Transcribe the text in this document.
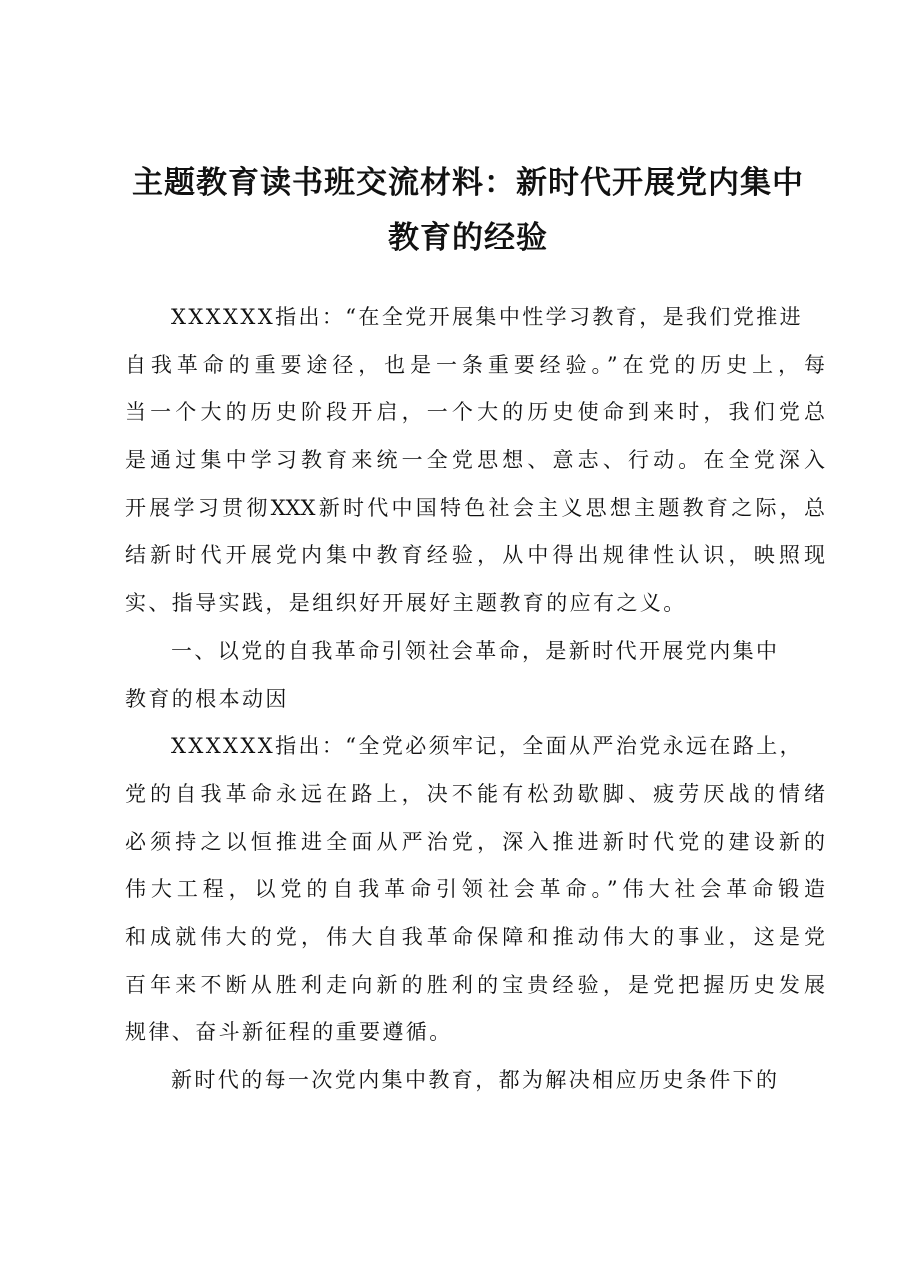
主题教育读书班交流材料：新时代开展党内集中
教育的经验
XXXXXX指出：“在全党开展集中性学习教育，是我们党推进
自我革命的重要途径，也是一条重要经验。”在党的历史上，每
当一个大的历史阶段开启，一个大的历史使命到来时，我们党总
是通过集中学习教育来统一全党思想、意志、行动。在全党深入
开展学习贯彻XXX新时代中国特色社会主义思想主题教育之际，总
结新时代开展党内集中教育经验，从中得出规律性认识，映照现
实、指导实践，是组织好开展好主题教育的应有之义。
一、以党的自我革命引领社会革命，是新时代开展党内集中
教育的根本动因
XXXXXX指出：“全党必须牢记，全面从严治党永远在路上，
党的自我革命永远在路上，决不能有松劲歇脚、疲劳厌战的情绪
必须持之以恒推进全面从严治党，深入推进新时代党的建设新的
伟大工程，以党的自我革命引领社会革命。”伟大社会革命锻造
和成就伟大的党，伟大自我革命保障和推动伟大的事业，这是党
百年来不断从胜利走向新的胜利的宝贵经验，是党把握历史发展
规律、奋斗新征程的重要遵循。
新时代的每一次党内集中教育，都为解决相应历史条件下的
